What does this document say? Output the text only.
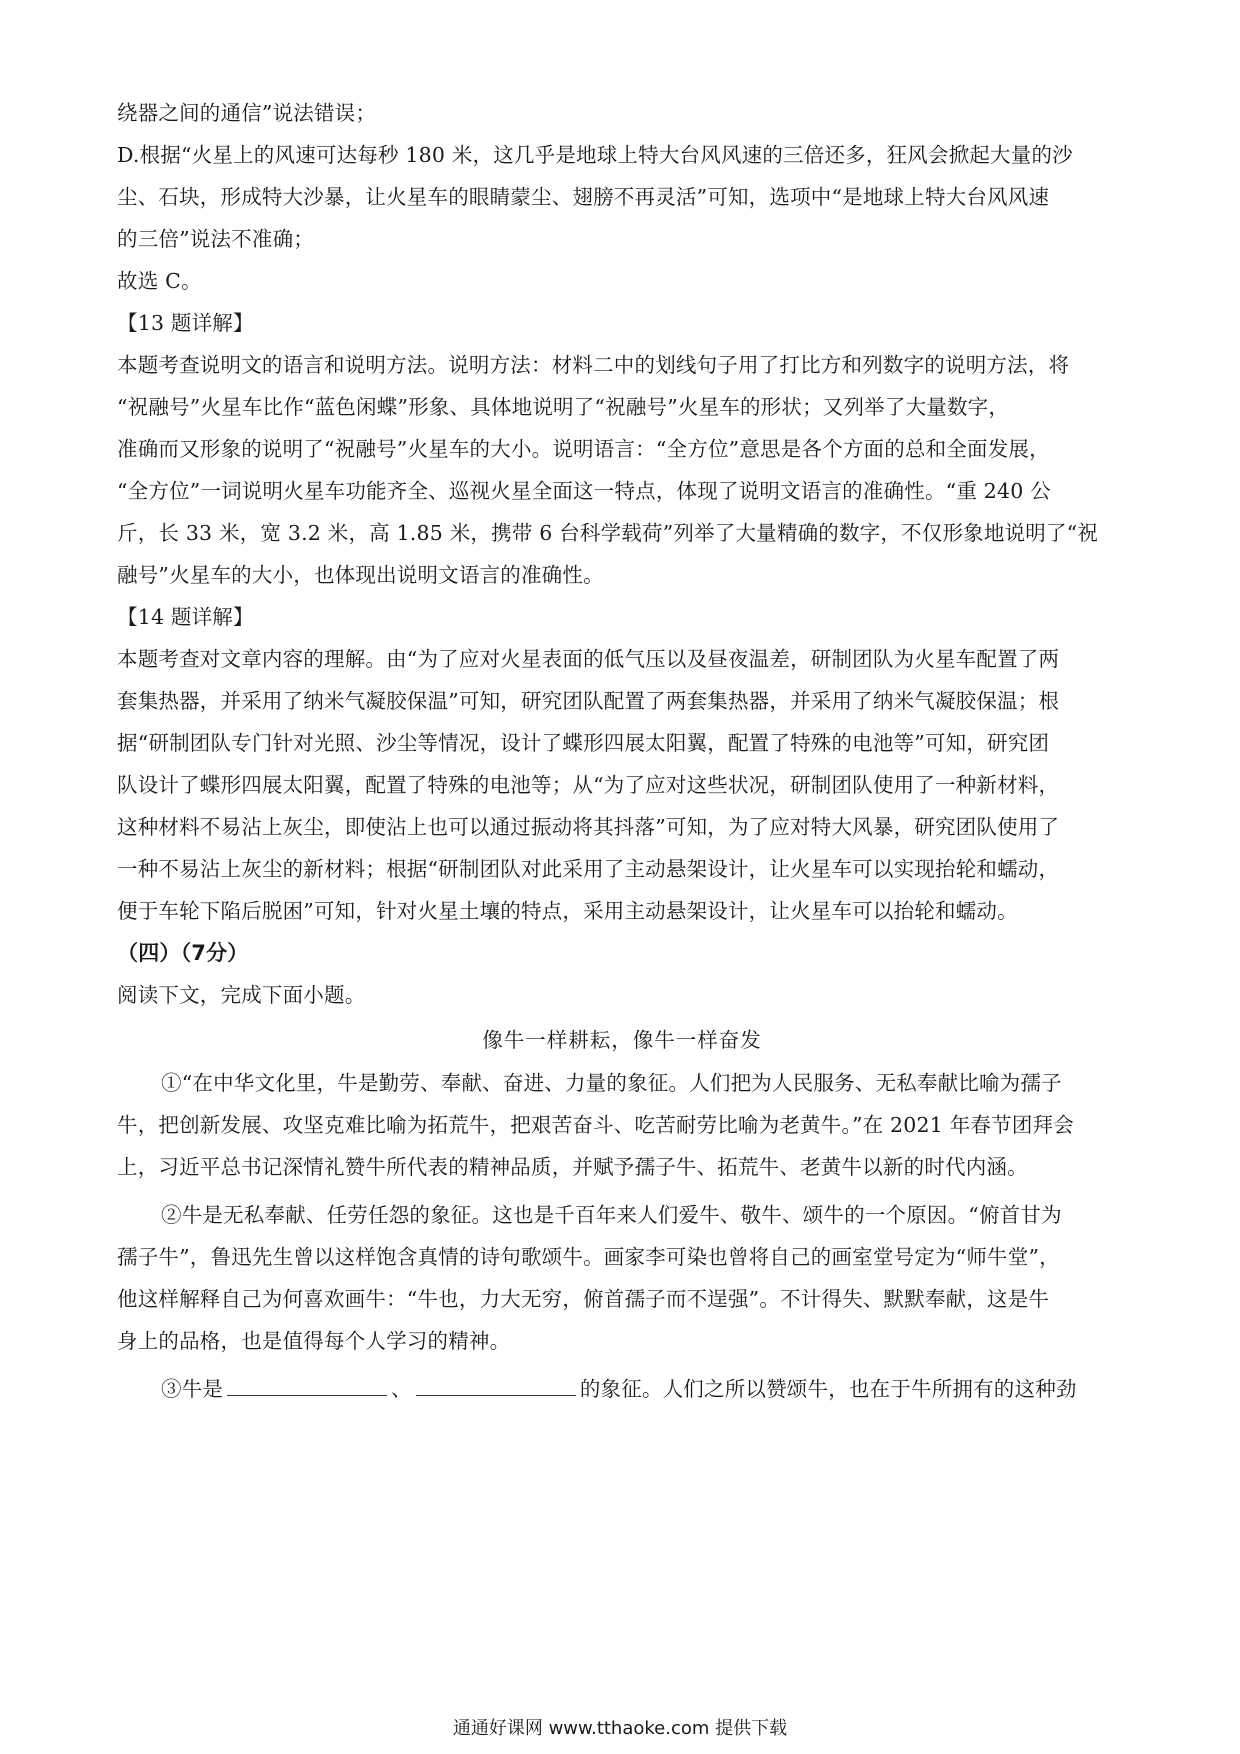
绕器之间的通信”说法错误；
D.根据“火星上的风速可达每秒 180 米，这几乎是地球上特大台风风速的三倍还多，狂风会掀起大量的沙
尘、石块，形成特大沙暴，让火星车的眼睛蒙尘、翅膀不再灵活”可知，选项中“是地球上特大台风风速
的三倍”说法不准确；
故选 C。
【13 题详解】
本题考查说明文的语言和说明方法。说明方法：材料二中的划线句子用了打比方和列数字的说明方法，将
“祝融号”火星车比作“蓝色闲蝶”形象、具体地说明了“祝融号”火星车的形状；又列举了大量数字，
准确而又形象的说明了“祝融号”火星车的大小。说明语言：“全方位”意思是各个方面的总和全面发展，
“全方位”一词说明火星车功能齐全、巡视火星全面这一特点，体现了说明文语言的准确性。“重 240 公
斤，长 33 米，宽 3.2 米，高 1.85 米，携带 6 台科学载荷”列举了大量精确的数字，不仅形象地说明了“祝
融号”火星车的大小，也体现出说明文语言的准确性。
【14 题详解】
本题考查对文章内容的理解。由“为了应对火星表面的低气压以及昼夜温差，研制团队为火星车配置了两
套集热器，并采用了纳米气凝胶保温”可知，研究团队配置了两套集热器，并采用了纳米气凝胶保温；根
据“研制团队专门针对光照、沙尘等情况，设计了蝶形四展太阳翼，配置了特殊的电池等”可知，研究团
队设计了蝶形四展太阳翼，配置了特殊的电池等；从“为了应对这些状况，研制团队使用了一种新材料，
这种材料不易沾上灰尘，即使沾上也可以通过振动将其抖落”可知，为了应对特大风暴，研究团队使用了
一种不易沾上灰尘的新材料；根据“研制团队对此采用了主动悬架设计，让火星车可以实现抬轮和蠕动，
便于车轮下陷后脱困”可知，针对火星土壤的特点，采用主动悬架设计，让火星车可以抬轮和蠕动。
（四）（7分）
阅读下文，完成下面小题。
像牛一样耕耘，像牛一样奋发
①“在中华文化里，牛是勤劳、奉献、奋进、力量的象征。人们把为人民服务、无私奉献比喻为孺子
牛，把创新发展、攻坚克难比喻为拓荒牛，把艰苦奋斗、吃苦耐劳比喻为老黄牛。”在 2021 年春节团拜会
上，习近平总书记深情礼赞牛所代表的精神品质，并赋予孺子牛、拓荒牛、老黄牛以新的时代内涵。
②牛是无私奉献、任劳任怨的象征。这也是千百年来人们爱牛、敬牛、颂牛的一个原因。“俯首甘为
孺子牛”，鲁迅先生曾以这样饱含真情的诗句歌颂牛。画家李可染也曾将自己的画室堂号定为“师牛堂”，
他这样解释自己为何喜欢画牛：“牛也，力大无穷，俯首孺子而不逞强”。不计得失、默默奉献，这是牛
身上的品格，也是值得每个人学习的精神。
③牛是	、	的象征。人们之所以赞颂牛，也在于牛所拥有的这种劲
通通好课网 www.tthaoke.com 提供下载
